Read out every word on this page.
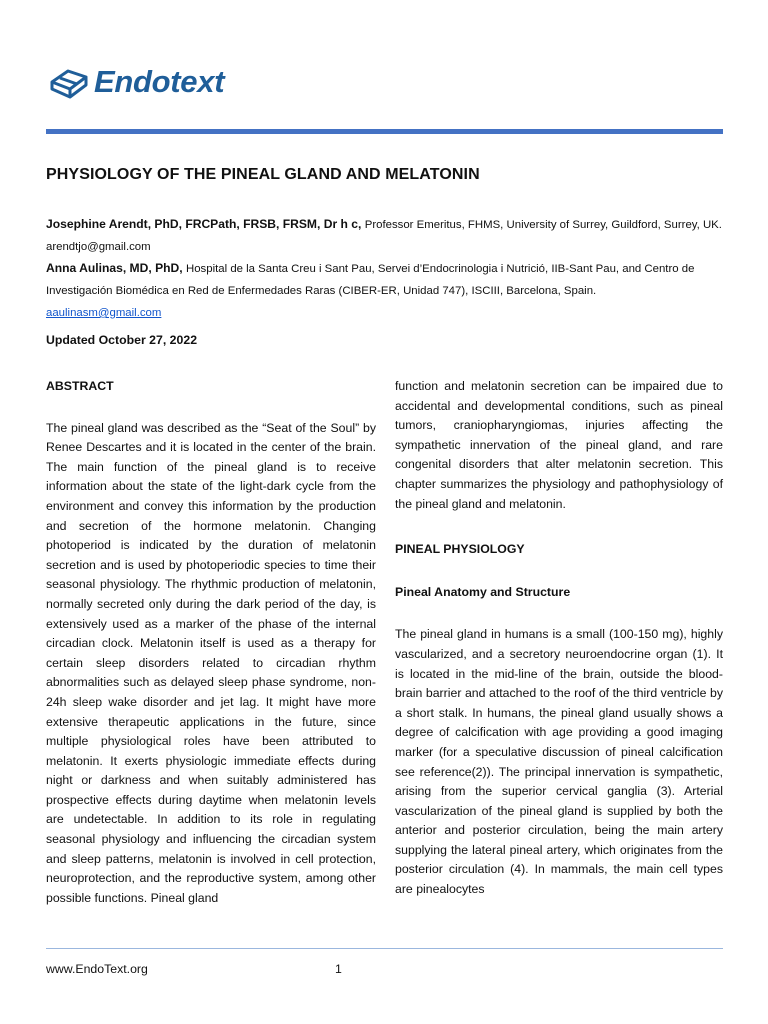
Endotext
PHYSIOLOGY OF THE PINEAL GLAND AND MELATONIN

Josephine Arendt, PhD, FRCPath, FRSB, FRSM, Dr h c, Professor Emeritus, FHMS, University of Surrey, Guildford, Surrey, UK. arendtjo@gmail.com

Anna Aulinas, MD, PhD, Hospital de la Santa Creu i Sant Pau, Servei d’Endocrinologia i Nutrició, IIB-Sant Pau, and Centro de Investigación Biomédica en Red de Enfermedades Raras (CIBER-ER, Unidad 747), ISCIII, Barcelona, Spain.
aaulinasm@gmail.com

Updated October 27, 2022

ABSTRACT

The pineal gland was described as the “Seat of the Soul” by Renee Descartes and it is located in the center of the brain. The main function of the pineal gland is to receive information about the state of the light-dark cycle from the environment and convey this information by the production and secretion of the hormone melatonin. Changing photoperiod is indicated by the duration of melatonin secretion and is used by photoperiodic species to time their seasonal physiology. The rhythmic production of melatonin, normally secreted only during the dark period of the day, is extensively used as a marker of the phase of the internal circadian clock. Melatonin itself is used as a therapy for certain sleep disorders related to circadian rhythm abnormalities such as delayed sleep phase syndrome, non-24h sleep wake disorder and jet lag. It might have more extensive therapeutic applications in the future, since multiple physiological roles have been attributed to melatonin. It exerts physiologic immediate effects during night or darkness and when suitably administered has prospective effects during daytime when melatonin levels are undetectable. In addition to its role in regulating seasonal physiology and influencing the circadian system and sleep patterns, melatonin is involved in cell protection, neuroprotection, and the reproductive system, among other possible functions. Pineal gland

function and melatonin secretion can be impaired due to accidental and developmental conditions, such as pineal tumors, craniopharyngiomas, injuries affecting the sympathetic innervation of the pineal gland, and rare congenital disorders that alter melatonin secretion. This chapter summarizes the physiology and pathophysiology of the pineal gland and melatonin.

PINEAL PHYSIOLOGY

Pineal Anatomy and Structure

The pineal gland in humans is a small (100-150 mg), highly vascularized, and a secretory neuroendocrine organ (1). It is located in the mid-line of the brain, outside the blood-brain barrier and attached to the roof of the third ventricle by a short stalk. In humans, the pineal gland usually shows a degree of calcification with age providing a good imaging marker (for a speculative discussion of pineal calcification see reference(2)). The principal innervation is sympathetic, arising from the superior cervical ganglia (3). Arterial vascularization of the pineal gland is supplied by both the anterior and posterior circulation, being the main artery supplying the lateral pineal artery, which originates from the posterior circulation (4). In mammals, the main cell types are pinealocytes

www.EndoText.org	1
